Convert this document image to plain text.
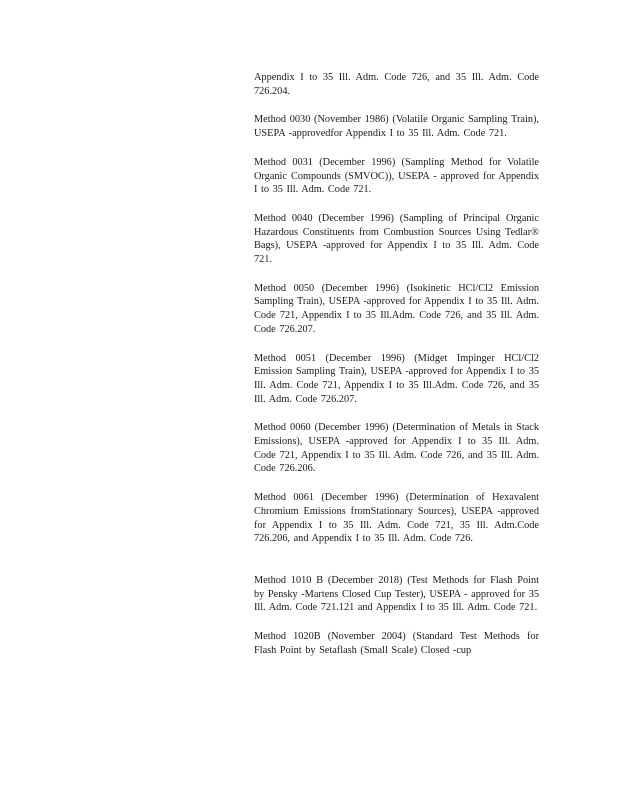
Appendix I to 35 Ill. Adm. Code 726, and 35 Ill. Adm. Code 726.204.

Method 0030 (November 1986) (Volatile Organic Sampling Train), USEPA -approvedfor Appendix I to 35 Ill. Adm. Code 721.

Method 0031 (December 1996) (Sampling Method for Volatile Organic Compounds (SMVOC)), USEPA - approved for Appendix I to 35 Ill. Adm. Code 721.

Method 0040 (December 1996) (Sampling of Principal Organic Hazardous Constituents from Combustion Sources Using Tedlar® Bags), USEPA -approved for Appendix I to 35 Ill. Adm. Code 721.

Method 0050 (December 1996) (Isokinetic HCl/Cl2 Emission Sampling Train), USEPA -approved for Appendix I to 35 Ill. Adm. Code 721, Appendix I to 35 Ill.Adm. Code 726, and 35 Ill. Adm. Code 726.207.

Method 0051 (December 1996) (Midget Impinger HCl/Cl2 Emission Sampling Train), USEPA -approved for Appendix I to 35 Ill. Adm. Code 721, Appendix I to 35 Ill.Adm. Code 726, and 35 Ill. Adm. Code 726.207.

Method 0060 (December 1996) (Determination of Metals in Stack Emissions), USEPA -approved for Appendix I to 35 Ill. Adm. Code 721, Appendix I to 35 Ill. Adm. Code 726, and 35 Ill. Adm. Code 726.206.

Method 0061 (December 1996) (Determination of Hexavalent Chromium Emissions fromStationary Sources), USEPA -approved for Appendix I to 35 Ill. Adm. Code 721, 35 Ill. Adm.Code 726.206, and Appendix I to 35 Ill. Adm. Code 726.

Method 1010 B (December 2018) (Test Methods for Flash Point by Pensky -Martens Closed Cup Tester), USEPA - approved for 35 Ill. Adm. Code 721.121 and Appendix I to 35 Ill. Adm. Code 721.

Method 1020B (November 2004) (Standard Test Methods for Flash Point by Setaflash (Small Scale) Closed -cup
